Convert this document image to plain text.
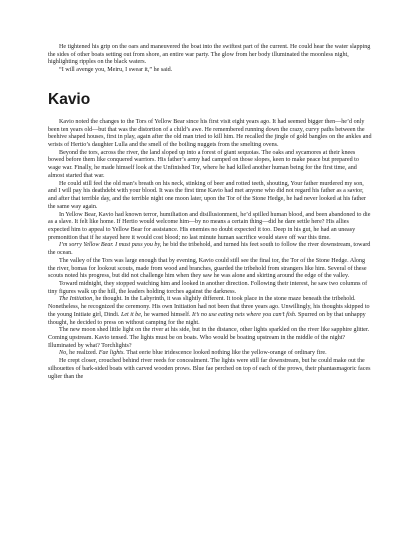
He tightened his grip on the oars and maneuvered the boat into the swiftest part of the current. He could hear the water slapping the sides of other boats setting out from shore, an entire war party. The glow from her body illuminated the moonless night, highlighting ripples on the black waters.

“I will avenge you, Meiru, I swear it,” he said.

Kavio

Kavio noted the changes to the Tors of Yellow Bear since his first visit eight years ago. It had seemed bigger then—he’d only been ten years old—but that was the distortion of a child’s awe. He remembered running down the crazy, curvy paths between the beehive shaped houses, first in play, again after the old man tried to kill him. He recalled the jingle of gold bangles on the ankles and wrists of Hertio’s daughter Lulla and the smell of the boiling nuggets from the smelting ovens.

Beyond the tors, across the river, the land sloped up into a forest of giant sequoias. The oaks and sycamores at their knees bowed before them like conquered warriors. His father’s army had camped on those slopes, keen to make peace but prepared to wage war. Finally, he made himself look at the Unfinished Tor, where he had killed another human being for the first time, and almost started that war.

He could still feel the old man’s breath on his neck, stinking of beer and rotted teeth, shouting, Your father murdered my son, and I will pay his deathdebt with your blood. It was the first time Kavio had met anyone who did not regard his father as a savior, and after that terrible day, and the terrible night one moon later, upon the Tor of the Stone Hedge, he had never looked at his father the same way again.

In Yellow Bear, Kavio had known terror, humiliation and disillusionment, he’d spilled human blood, and been abandoned to die as a slave. It felt like home. If Hertio would welcome him—by no means a certain thing—did he dare settle here? His allies expected him to appeal to Yellow Bear for assistance. His enemies no doubt expected it too. Deep in his gut, he had an uneasy premonition that if he stayed here it would cost blood; no last minute human sacrifice would stave off war this time.

I’m sorry Yellow Bear. I must pass you by, he bid the tribehold, and turned his feet south to follow the river downstream, toward the ocean.

The valley of the Tors was large enough that by evening, Kavio could still see the final tor, the Tor of the Stone Hedge. Along the river, bomas for lookout scouts, made from wood and branches, guarded the tribehold from strangers like him. Several of these scouts noted his progress, but did not challenge him when they saw he was alone and skirting around the edge of the valley.

Toward midnight, they stopped watching him and looked in another direction. Following their interest, he saw two columns of tiny figures walk up the hill, the leaders holding torches against the darkness.

The Initiation, he thought. In the Labyrinth, it was slightly different. It took place in the stone maze beneath the tribehold. Nonetheless, he recognized the ceremony. His own Initiation had not been that three years ago. Unwillingly, his thoughts skipped to the young Initiate girl, Dindi. Let it be, he warned himself. It’s no use eating nets where you can’t fish. Spurred on by that unhappy thought, he decided to press on without camping for the night.

The new moon shed little light on the river at his side, but in the distance, other lights sparkled on the river like sapphire glitter. Coming upstream. Kavio tensed. The lights must be on boats. Who would be boating upstream in the middle of the night? Illuminated by what? Torchlights?

No, he realized. Fae lights. That eerie blue iridescence looked nothing like the yellow-orange of ordinary fire.

He crept closer, crouched behind river reeds for concealment. The lights were still far downstream, but he could make out the silhouettes of bark-sided boats with carved wooden prows. Blue fae perched on top of each of the prows, their phantasmagoric faces uglier than the
